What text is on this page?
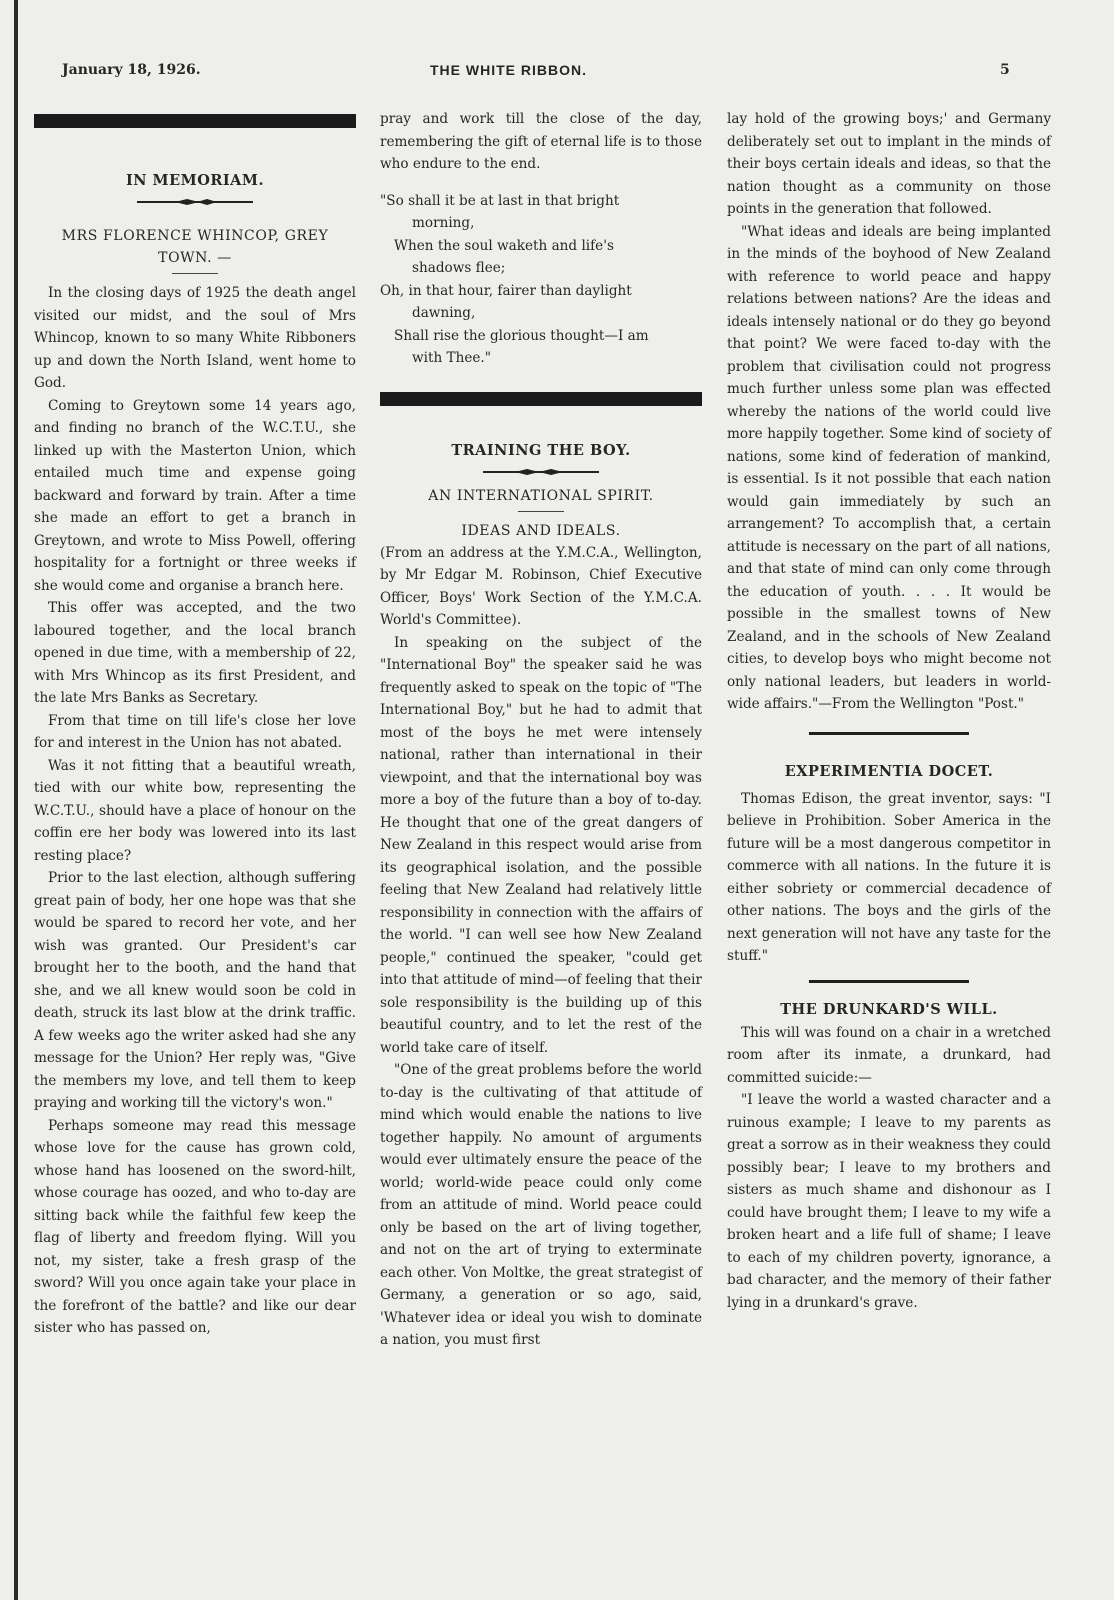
January 18, 1926.	THE WHITE RIBBON.	5

IN MEMORIAM.

MRS FLORENCE WHINCOP, GREY TOWN. —

In the closing days of 1925 the death angel visited our midst, and the soul of Mrs Whincop, known to so many White Ribboners up and down the North Island, went home to God.

Coming to Greytown some 14 years ago, and finding no branch of the W.C.T.U., she linked up with the Masterton Union, which entailed much time and expense going backward and forward by train. After a time she made an effort to get a branch in Greytown, and wrote to Miss Powell, offering hospitality for a fortnight or three weeks if she would come and organise a branch here.

This offer was accepted, and the two laboured together, and the local branch opened in due time, with a membership of 22, with Mrs Whincop as its first President, and the late Mrs Banks as Secretary.

From that time on till life's close her love for and interest in the Union has not abated.

Was it not fitting that a beautiful wreath, tied with our white bow, representing the W.C.T.U., should have a place of honour on the coffin ere her body was lowered into its last resting place?

Prior to the last election, although suffering great pain of body, her one hope was that she would be spared to record her vote, and her wish was granted. Our President's car brought her to the booth, and the hand that she, and we all knew would soon be cold in death, struck its last blow at the drink traffic. A few weeks ago the writer asked had she any message for the Union? Her reply was, "Give the members my love, and tell them to keep praying and working till the victory's won."

Perhaps someone may read this message whose love for the cause has grown cold, whose hand has loosened on the sword-hilt, whose courage has oozed, and who to-day are sitting back while the faithful few keep the flag of liberty and freedom flying. Will you not, my sister, take a fresh grasp of the sword? Will you once again take your place in the forefront of the battle? and like our dear sister who has passed on,

pray and work till the close of the day, remembering the gift of eternal life is to those who endure to the end.

"So shall it be at last in that bright
morning,
When the soul waketh and life's
shadows flee;
Oh, in that hour, fairer than daylight
dawning,
Shall rise the glorious thought—I am
with Thee."

TRAINING THE BOY.

AN INTERNATIONAL SPIRIT.

IDEAS AND IDEALS.

(From an address at the Y.M.C.A., Wellington, by Mr Edgar M. Robinson, Chief Executive Officer, Boys' Work Section of the Y.M.C.A. World's Committee).

In speaking on the subject of the "International Boy" the speaker said he was frequently asked to speak on the topic of "The International Boy," but he had to admit that most of the boys he met were intensely national, rather than international in their viewpoint, and that the international boy was more a boy of the future than a boy of to-day. He thought that one of the great dangers of New Zealand in this respect would arise from its geographical isolation, and the possible feeling that New Zealand had relatively little responsibility in connection with the affairs of the world. "I can well see how New Zealand people," continued the speaker, "could get into that attitude of mind—of feeling that their sole responsibility is the building up of this beautiful country, and to let the rest of the world take care of itself.

"One of the great problems before the world to-day is the cultivating of that attitude of mind which would enable the nations to live together happily. No amount of arguments would ever ultimately ensure the peace of the world; world-wide peace could only come from an attitude of mind. World peace could only be based on the art of living together, and not on the art of trying to exterminate each other. Von Moltke, the great strategist of Germany, a generation or so ago, said, 'Whatever idea or ideal you wish to dominate a nation, you must first

lay hold of the growing boys;' and Germany deliberately set out to implant in the minds of their boys certain ideals and ideas, so that the nation thought as a community on those points in the generation that followed.

"What ideas and ideals are being implanted in the minds of the boyhood of New Zealand with reference to world peace and happy relations between nations? Are the ideas and ideals intensely national or do they go beyond that point? We were faced to-day with the problem that civilisation could not progress much further unless some plan was effected whereby the nations of the world could live more happily together. Some kind of society of nations, some kind of federation of mankind, is essential. Is it not possible that each nation would gain immediately by such an arrangement? To accomplish that, a certain attitude is necessary on the part of all nations, and that state of mind can only come through the education of youth. . . . It would be possible in the smallest towns of New Zealand, and in the schools of New Zealand cities, to develop boys who might become not only national leaders, but leaders in world-wide affairs."—From the Wellington "Post."

EXPERIMENTIA DOCET.

Thomas Edison, the great inventor, says: "I believe in Prohibition. Sober America in the future will be a most dangerous competitor in commerce with all nations. In the future it is either sobriety or commercial decadence of other nations. The boys and the girls of the next generation will not have any taste for the stuff."

THE DRUNKARD'S WILL.

This will was found on a chair in a wretched room after its inmate, a drunkard, had committed suicide:—

"I leave the world a wasted character and a ruinous example; I leave to my parents as great a sorrow as in their weakness they could possibly bear; I leave to my brothers and sisters as much shame and dishonour as I could have brought them; I leave to my wife a broken heart and a life full of shame; I leave to each of my children poverty, ignorance, a bad character, and the memory of their father lying in a drunkard's grave.
